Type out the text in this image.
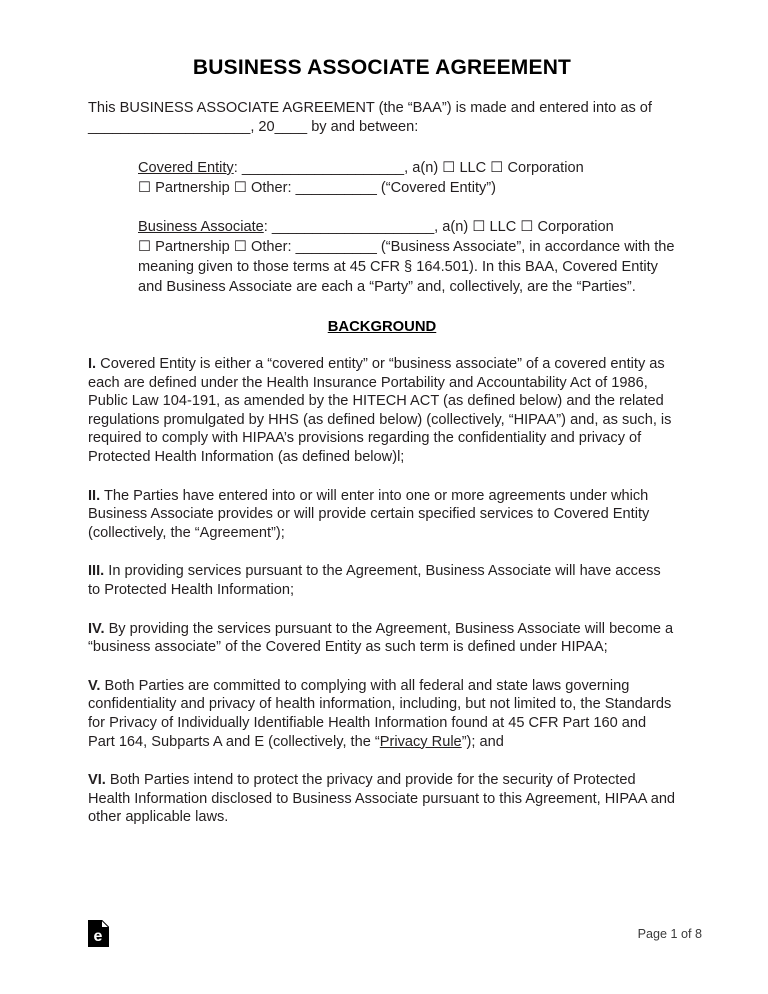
BUSINESS ASSOCIATE AGREEMENT

This BUSINESS ASSOCIATE AGREEMENT (the “BAA”) is made and entered into as of ____________________, 20____ by and between:

Covered Entity: ____________________, a(n) ☐ LLC ☐ Corporation
☐ Partnership ☐ Other: __________ (“Covered Entity”)

Business Associate: ____________________, a(n) ☐ LLC ☐ Corporation
☐ Partnership ☐ Other: __________ (“Business Associate”, in accordance with the meaning given to those terms at 45 CFR § 164.501). In this BAA, Covered Entity and Business Associate are each a “Party” and, collectively, are the “Parties”.

BACKGROUND

I. Covered Entity is either a “covered entity” or “business associate” of a covered entity as each are defined under the Health Insurance Portability and Accountability Act of 1986, Public Law 104-191, as amended by the HITECH ACT (as defined below) and the related regulations promulgated by HHS (as defined below) (collectively, “HIPAA”) and, as such, is required to comply with HIPAA’s provisions regarding the confidentiality and privacy of Protected Health Information (as defined below)l;

II. The Parties have entered into or will enter into one or more agreements under which Business Associate provides or will provide certain specified services to Covered Entity (collectively, the “Agreement”);

III. In providing services pursuant to the Agreement, Business Associate will have access to Protected Health Information;

IV. By providing the services pursuant to the Agreement, Business Associate will become a “business associate” of the Covered Entity as such term is defined under HIPAA;

V. Both Parties are committed to complying with all federal and state laws governing confidentiality and privacy of health information, including, but not limited to, the Standards for Privacy of Individually Identifiable Health Information found at 45 CFR Part 160 and Part 164, Subparts A and E (collectively, the “Privacy Rule”); and

VI. Both Parties intend to protect the privacy and provide for the security of Protected Health Information disclosed to Business Associate pursuant to this Agreement, HIPAA and other applicable laws.

e	Page 1 of 8
